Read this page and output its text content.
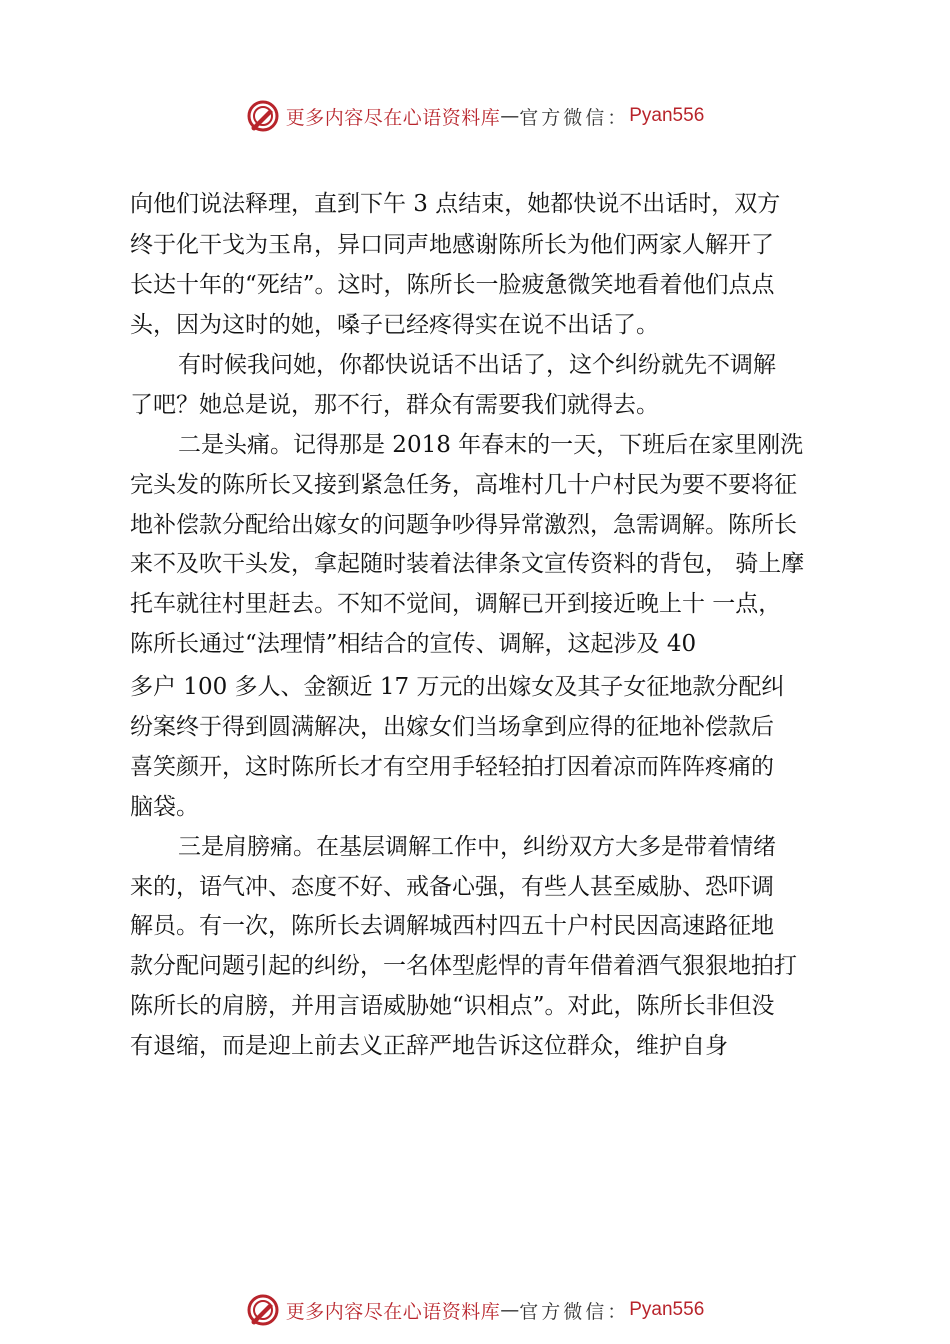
更多内容尽在心语资料库 — 官方微信： Pyan556
向他们说法释理，直到下午 3 点结束，她都快说不出话时，双方
终于化干戈为玉帛，异口同声地感谢陈所长为他们两家人解开了
长达十年的“死结”。这时，陈所长一脸疲惫微笑地看着他们点点
头，因为这时的她，嗓子已经疼得实在说不出话了。
有时候我问她，你都快说话不出话了，这个纠纷就先不调解
了吧？她总是说，那不行，群众有需要我们就得去。
二是头痛。记得那是 2018 年春末的一天，下班后在家里刚洗
完头发的陈所长又接到紧急任务，高堆村几十户村民为要不要将征
地补偿款分配给出嫁女的问题争吵得异常激烈，急需调解。陈所长
来不及吹干头发，拿起随时装着法律条文宣传资料的背包， 骑上摩
托车就往村里赶去。不知不觉间，调解已开到接近晚上十 一点，
陈所长通过“法理情”相结合的宣传、调解，这起涉及 40
多户 100 多人、金额近 17 万元的出嫁女及其子女征地款分配纠
纷案终于得到圆满解决，出嫁女们当场拿到应得的征地补偿款后
喜笑颜开，这时陈所长才有空用手轻轻拍打因着凉而阵阵疼痛的
脑袋。
三是肩膀痛。在基层调解工作中，纠纷双方大多是带着情绪
来的，语气冲、态度不好、戒备心强，有些人甚至威胁、恐吓调
解员。有一次，陈所长去调解城西村四五十户村民因高速路征地
款分配问题引起的纠纷，一名体型彪悍的青年借着酒气狠狠地拍打
陈所长的肩膀，并用言语威胁她“识相点”。对此，陈所长非但没
有退缩，而是迎上前去义正辞严地告诉这位群众，维护自身
更多内容尽在心语资料库 — 官方微信： Pyan556
